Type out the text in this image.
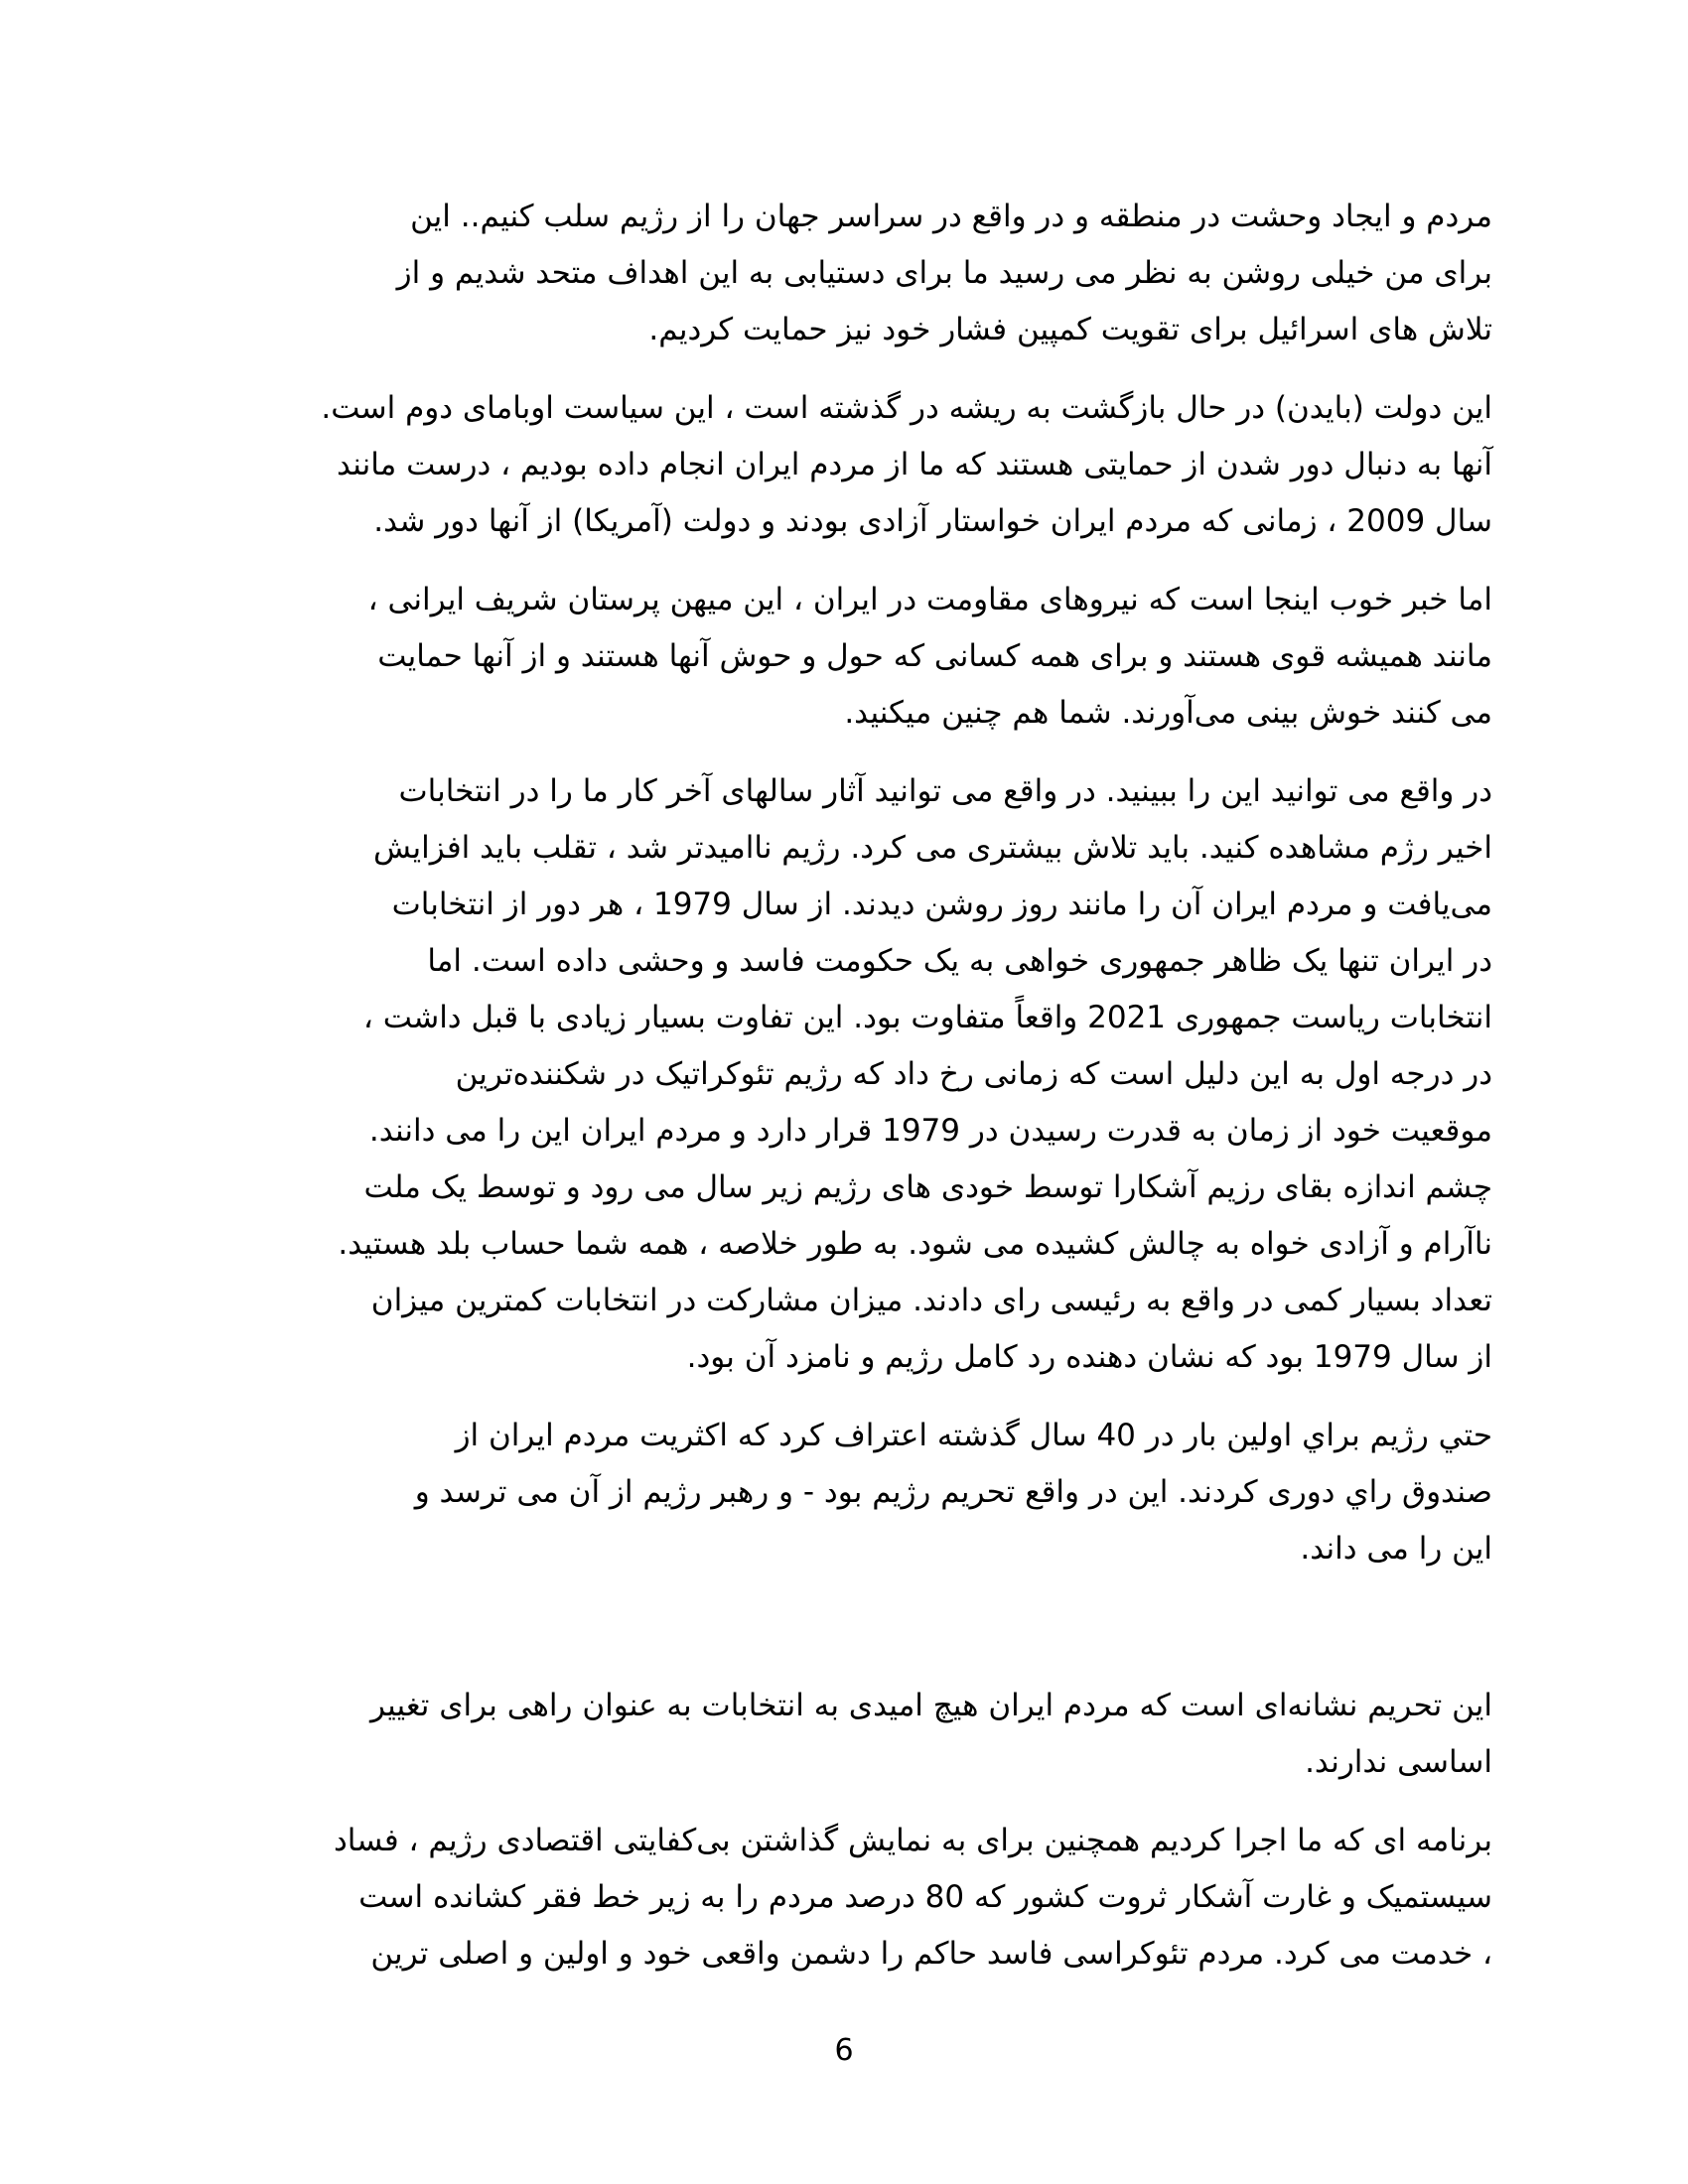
مردم و ایجاد وحشت در منطقه و در واقع در سراسر جهان را از رژیم سلب کنیم.. این
برای من خیلی روشن به نظر می رسید ما برای دستیابی به این اهداف متحد شدیم و از
تلاش های اسرائیل برای تقویت کمپین فشار خود نیز حمایت کردیم.
این دولت (بایدن) در حال بازگشت به ریشه در گذشته است ، این سیاست اوبامای دوم است.
آنها به دنبال دور شدن از حمایتی هستند که ما از مردم ایران انجام داده بودیم ، درست مانند
سال 2009 ، زمانی که مردم ایران خواستار آزادی بودند و دولت (آمریکا) از آنها دور شد.
اما خبر خوب اینجا است که نیروهای مقاومت در ایران ، این میهن پرستان شریف ایرانی ،
مانند همیشه قوی هستند و برای همه کسانی که حول و حوش آنها هستند و از آنها حمایت
می کنند خوش بینی می‌آورند. شما هم چنین میکنید.
در واقع می توانید این را ببینید. در واقع می توانید آثار سالهای آخر کار ما را در انتخابات
اخیر رژم مشاهده کنید. باید تلاش بیشتری می کرد. رژیم ناامیدتر شد ، تقلب باید افزایش
می‌یافت و مردم ایران آن را مانند روز روشن دیدند. از سال 1979 ، هر دور از انتخابات
در ایران تنها یک ظاهر جمهوری خواهی به یک حکومت فاسد و وحشی داده است. اما
انتخابات ریاست جمهوری 2021 واقعاً متفاوت بود. این تفاوت بسیار زیادی با قبل داشت ،
در درجه اول به این دلیل است که زمانی رخ داد که رژیم تئوکراتیک در شکننده‌ترین
موقعیت خود از زمان به قدرت رسیدن در 1979 قرار دارد و مردم ایران این را می دانند.
چشم اندازه بقای رزیم آشکارا توسط خودی های رژیم زیر سال می رود و توسط یک ملت
ناآرام و آزادی خواه به چالش کشیده می شود. به طور خلاصه ، همه شما حساب بلد هستید.
تعداد بسیار کمی در واقع به رئیسی رای دادند. میزان مشارکت در انتخابات کمترین میزان
از سال 1979 بود که نشان دهنده رد کامل رژیم و نامزد آن بود.
حتي رژیم براي اولین بار در 40 سال گذشته اعتراف کرد که اکثریت مردم ایران از
صندوق راي دوری کردند. این در واقع تحریم رژیم بود - و رهبر رژیم از آن می ترسد و
این را می داند.
این تحریم نشانه‌ای است که مردم ایران هیچ امیدی به انتخابات به عنوان راهی برای تغییر
اساسی ندارند.
برنامه ای که ما اجرا کردیم همچنین برای به نمایش گذاشتن بی‌کفایتی اقتصادی رژیم ، فساد
سیستمیک و غارت آشکار ثروت کشور که 80 درصد مردم را به زیر خط فقر کشانده است
، خدمت می کرد. مردم تئوکراسی فاسد حاکم را دشمن واقعی خود و اولین و اصلی ترین
6
